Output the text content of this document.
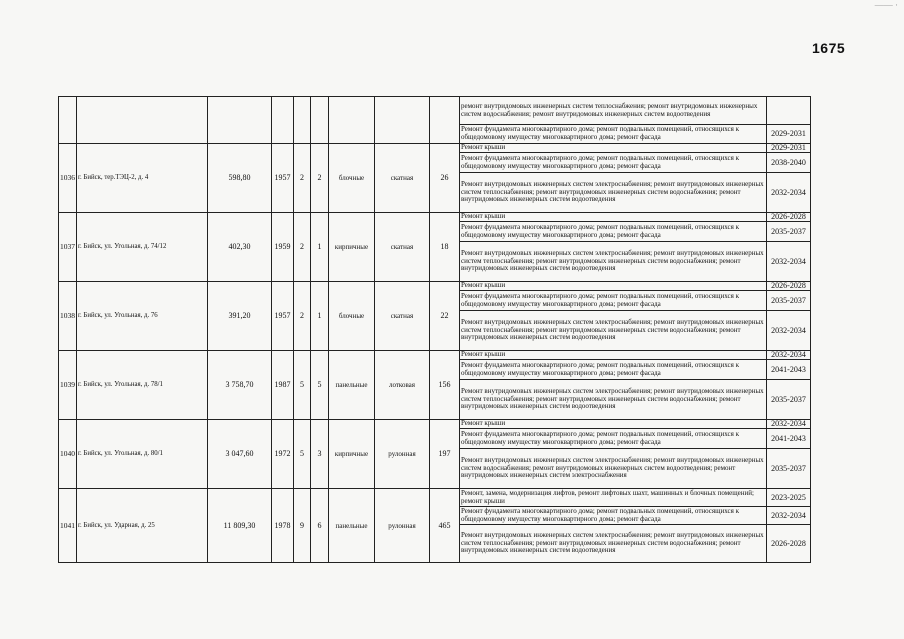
1675
—— ·
									ремонт внутридомовых инженерных систем теплоснабжения; ремонт внутридомовых инженерных систем водоснабжения; ремонт внутридомовых инженерных систем водоотведения	
									Ремонт фундамента многоквартирного дома; ремонт подвальных помещений, относящихся к общедомовому имуществу многоквартирного дома; ремонт фасада	2029-2031
1036	г. Бийск, тер.ТЭЦ-2, д. 4	598,80	1957	2	2	блочные	скатная	26	Ремонт крыши	2029-2031
									Ремонт фундамента многоквартирного дома; ремонт подвальных помещений, относящихся к общедомовому имуществу многоквартирного дома; ремонт фасада	2038-2040
									Ремонт внутридомовых инженерных систем электроснабжения; ремонт внутридомовых инженерных систем теплоснабжения; ремонт внутридомовых инженерных систем водоснабжения; ремонт внутридомовых инженерных систем водоотведения	2032-2034
1037	г. Бийск, ул. Угольная, д. 74/12	402,30	1959	2	1	кирпичные	скатная	18	Ремонт крыши	2026-2028
									Ремонт фундамента многоквартирного дома; ремонт подвальных помещений, относящихся к общедомовому имуществу многоквартирного дома; ремонт фасада	2035-2037
									Ремонт внутридомовых инженерных систем электроснабжения; ремонт внутридомовых инженерных систем теплоснабжения; ремонт внутридомовых инженерных систем водоснабжения; ремонт внутридомовых инженерных систем водоотведения	2032-2034
1038	г. Бийск, ул. Угольная, д. 76	391,20	1957	2	1	блочные	скатная	22	Ремонт крыши	2026-2028
									Ремонт фундамента многоквартирного дома; ремонт подвальных помещений, относящихся к общедомовому имуществу многоквартирного дома; ремонт фасада	2035-2037
									Ремонт внутридомовых инженерных систем электроснабжения; ремонт внутридомовых инженерных систем теплоснабжения; ремонт внутридомовых инженерных систем водоснабжения; ремонт внутридомовых инженерных систем водоотведения	2032-2034
1039	г. Бийск, ул. Угольная, д. 78/1	3 758,70	1987	5	5	панельные	лотковая	156	Ремонт крыши	2032-2034
									Ремонт фундамента многоквартирного дома; ремонт подвальных помещений, относящихся к общедомовому имуществу многоквартирного дома; ремонт фасада	2041-2043
									Ремонт внутридомовых инженерных систем электроснабжения; ремонт внутридомовых инженерных систем теплоснабжения; ремонт внутридомовых инженерных систем водоснабжения; ремонт внутридомовых инженерных систем водоотведения	2035-2037
1040	г. Бийск, ул. Угольная, д. 80/1	3 047,60	1972	5	3	кирпичные	рулонная	197	Ремонт крыши	2032-2034
									Ремонт фундамента многоквартирного дома; ремонт подвальных помещений, относящихся к общедомовому имуществу многоквартирного дома; ремонт фасада	2041-2043
									Ремонт внутридомовых инженерных систем электроснабжения; ремонт внутридомовых инженерных систем водоснабжения; ремонт внутридомовых инженерных систем водоотведения; ремонт внутридомовых инженерных систем электроснабжения	2035-2037
1041	г. Бийск, ул. Ударная, д. 25	11 809,30	1978	9	6	панельные	рулонная	465	Ремонт, замена, модернизация лифтов, ремонт лифтовых шахт, машинных и блочных помещений; ремонт крыши	2023-2025
									Ремонт фундамента многоквартирного дома; ремонт подвальных помещений, относящихся к общедомовому имуществу многоквартирного дома; ремонт фасада	2032-2034
									Ремонт внутридомовых инженерных систем электроснабжения; ремонт внутридомовых инженерных систем теплоснабжения; ремонт внутридомовых инженерных систем водоснабжения; ремонт внутридомовых инженерных систем водоотведения	2026-2028
